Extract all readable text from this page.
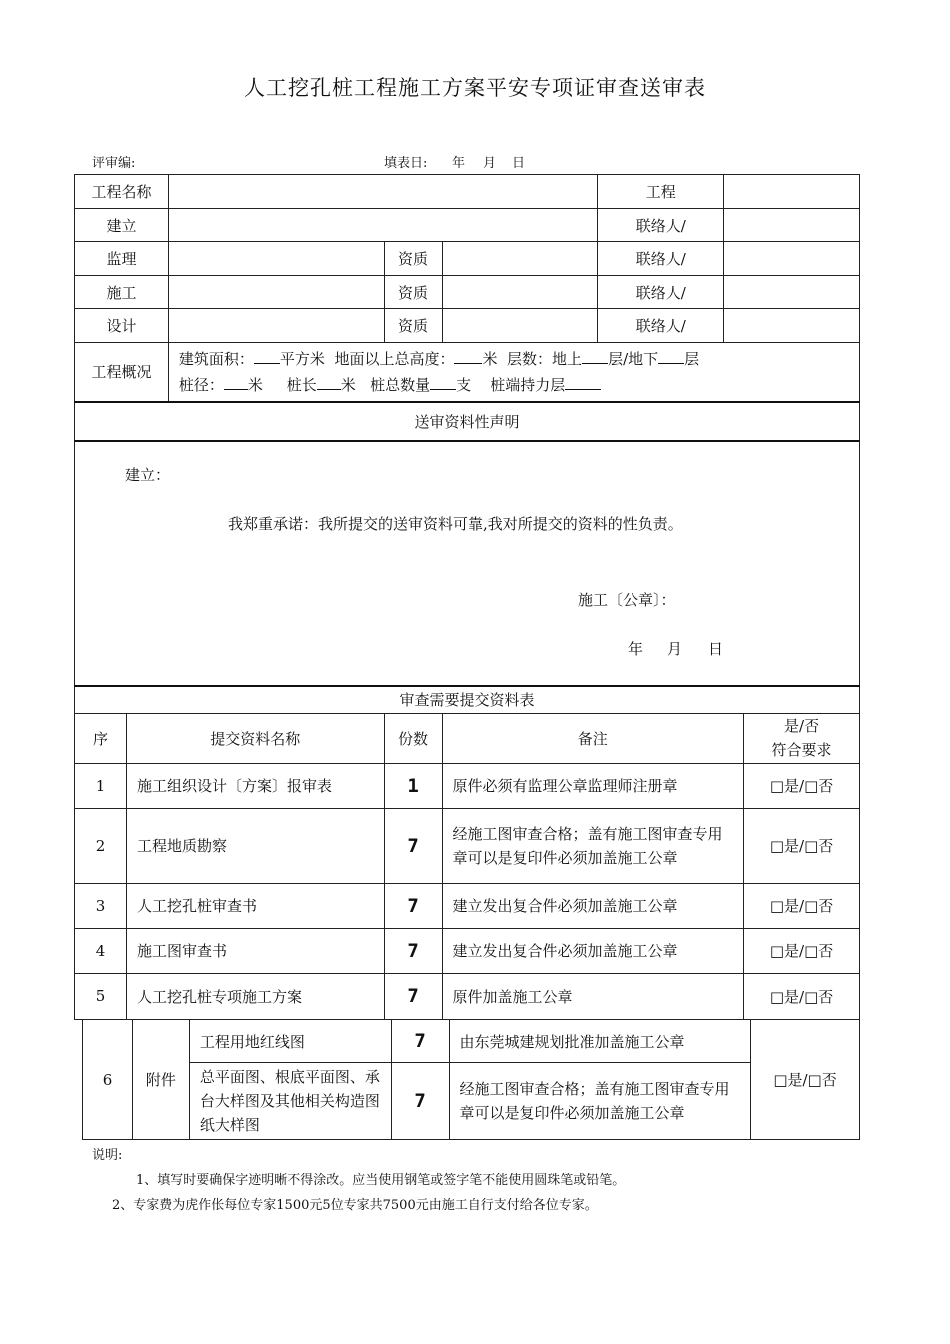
人工挖孔桩工程施工方案平安专项证审查送审表
评审编:	填表日: 年 月 日
工程名称				工程	
建立				联络人/	
监理		资质		联络人/	
施工		资质		联络人/	
设计		资质		联络人/	
工程概况	建筑面积： 平方米 地面以上总高度： 米 层数：地上 层/地下 层
桩径： 米 桩长 米 桩总数量 支 桩端持力层				

送审资料性声明					
建立：
我郑重承诺：我所提交的送审资料可靠,我对所提交的资料的性负责。
施工〔公章〕：
年 月 日
审查需要提交资料表				
序	提交资料名称	份数	备注	是/否
符合要求

1	施工组织设计〔方案〕报审表	1	原件必须有监理公章监理师注册章	□是/□否
2	工程地质勘察	7	经施工图审查合格；盖有施工图审查专用章可以是复印件必须加盖施工公章	□是/□否
3	人工挖孔桩审查书	7	建立发出复合件必须加盖施工公章	□是/□否
4	施工图审查书	7	建立发出复合件必须加盖施工公章	□是/□否
5	人工挖孔桩专项施工方案	7	原件加盖施工公章	□是/□否
6	附件	工程用地红线图	7	由东莞城建规划批准加盖施工公章	□是/□否
		总平面图、根底平面图、承台大样图及其他相关构造图纸大样图	7	经施工图审查合格；盖有施工图审查专用章可以是复印件必须加盖施工公章	
说明:
1、填写时要确保字迹明晰不得涂改。应当使用钢笔或签字笔不能使用圆珠笔或铅笔。
2、专家费为虎作伥每位专家1500元5位专家共7500元由施工自行支付给各位专家。
